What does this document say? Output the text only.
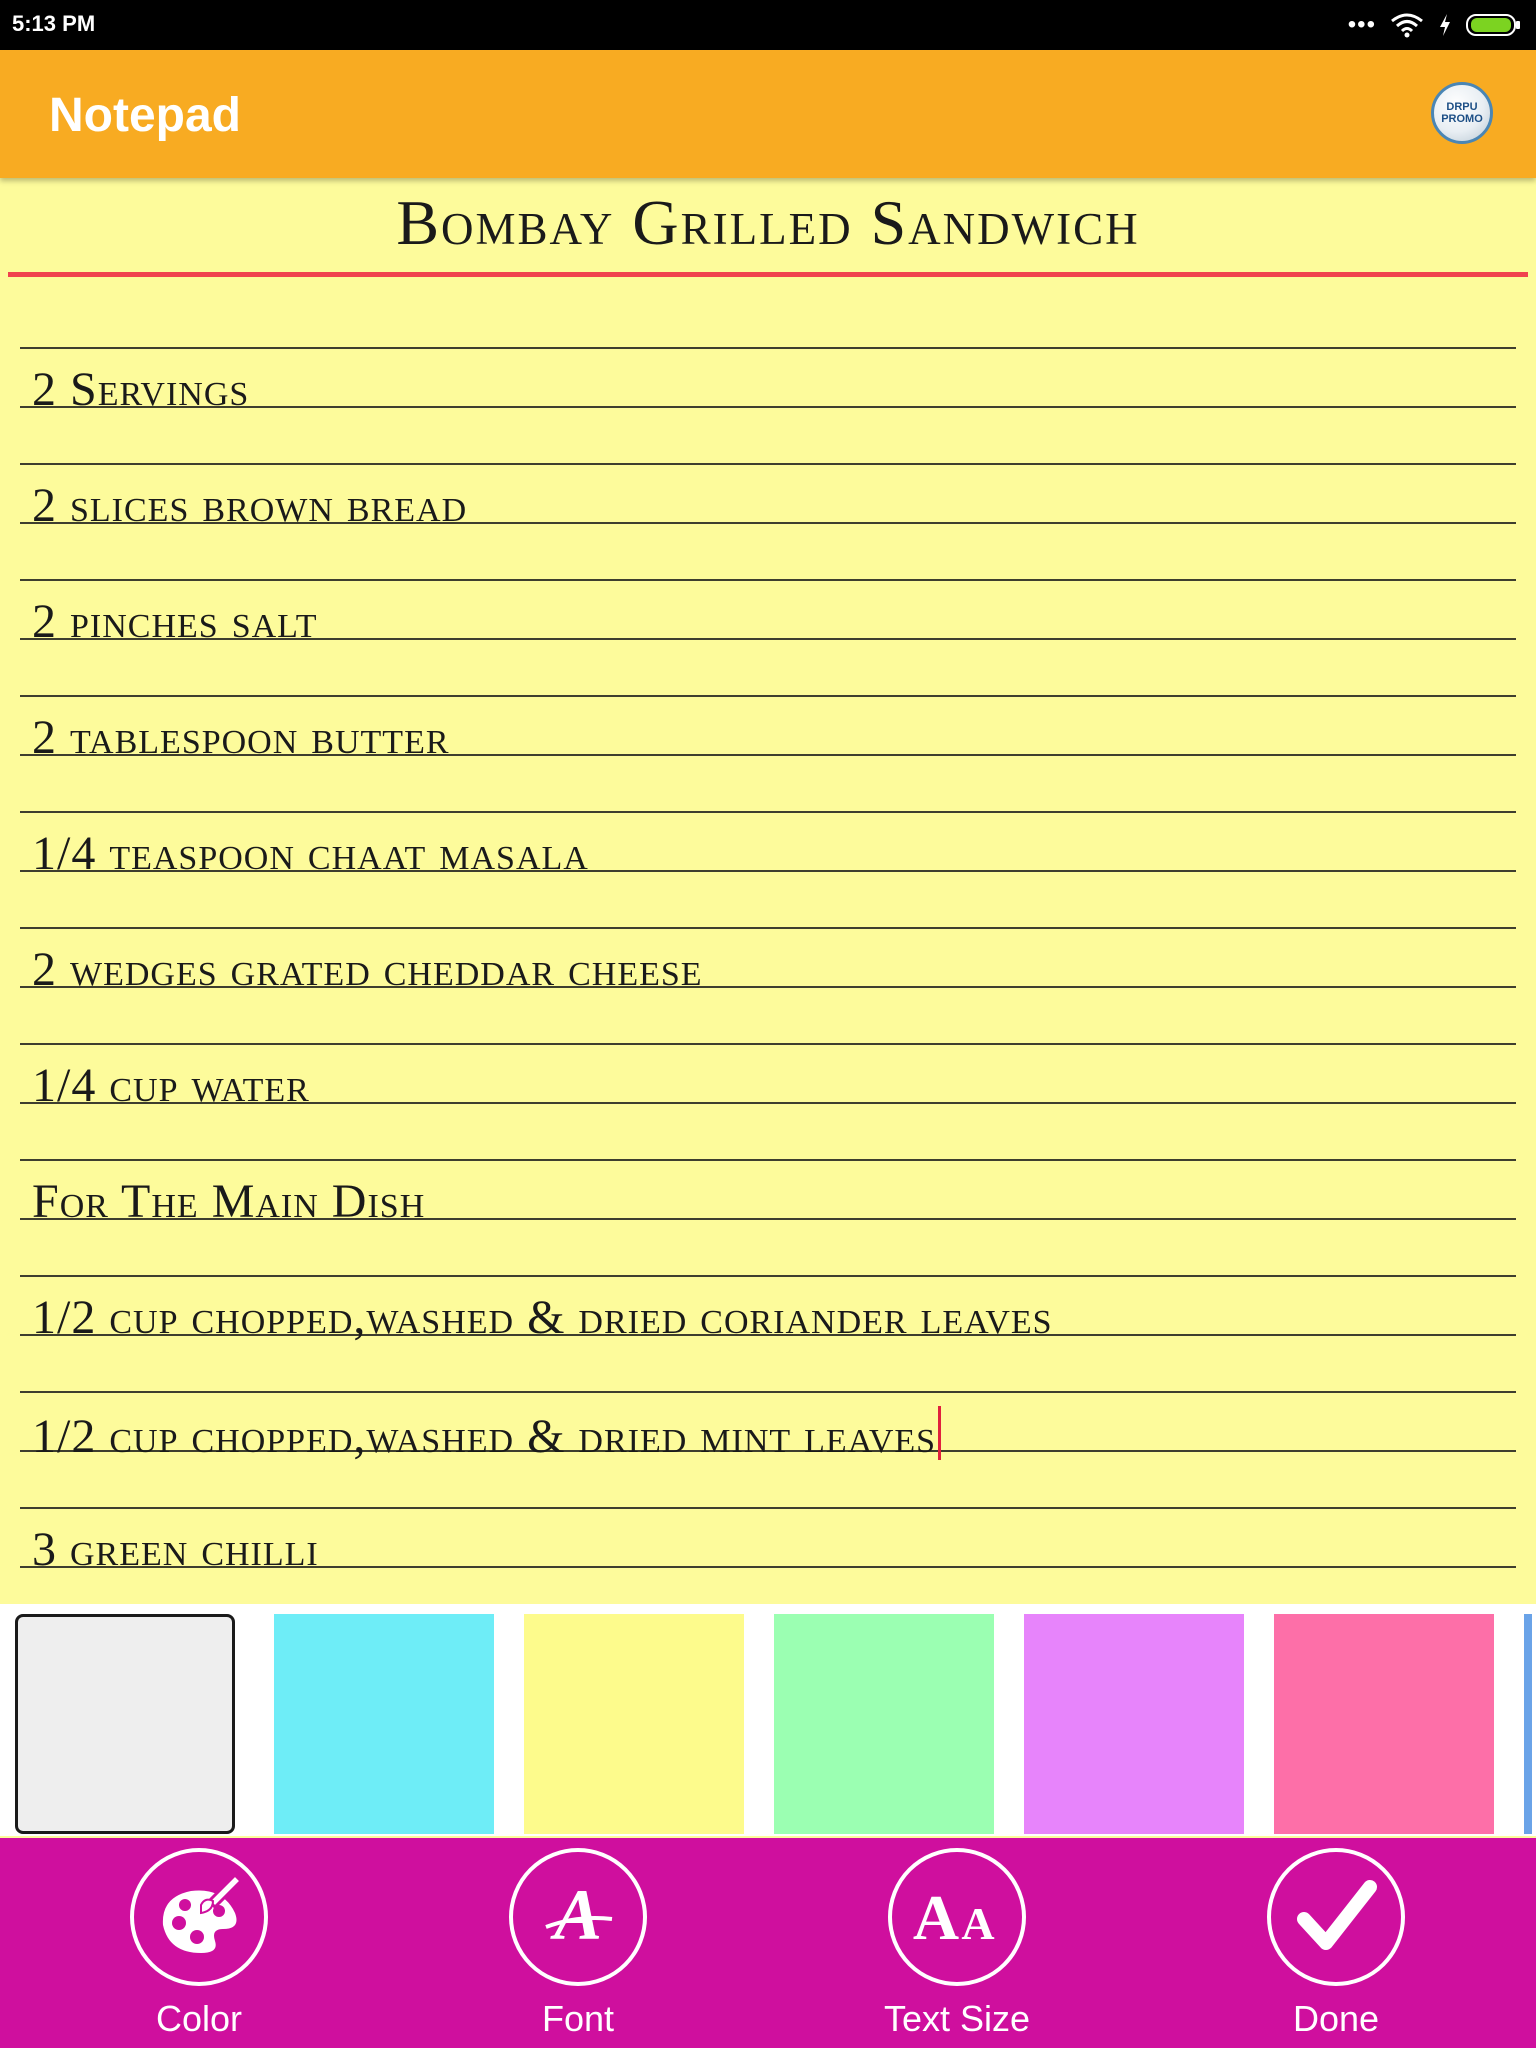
5:13 PM	•••
Notepad	DRPU
PROMO
Bombay Grilled Sandwich
2 Servings
2 slices brown bread
2 pinches salt
2 tablespoon butter
1/4 teaspoon chaat masala
2 wedges grated cheddar cheese
1/4 cup water
For The Main Dish
1/2 cup chopped,washed & dried coriander leaves
1/2 cup chopped,washed & dried mint leaves
3 green chilli
Color
A
Font
A A
Text Size	Done
